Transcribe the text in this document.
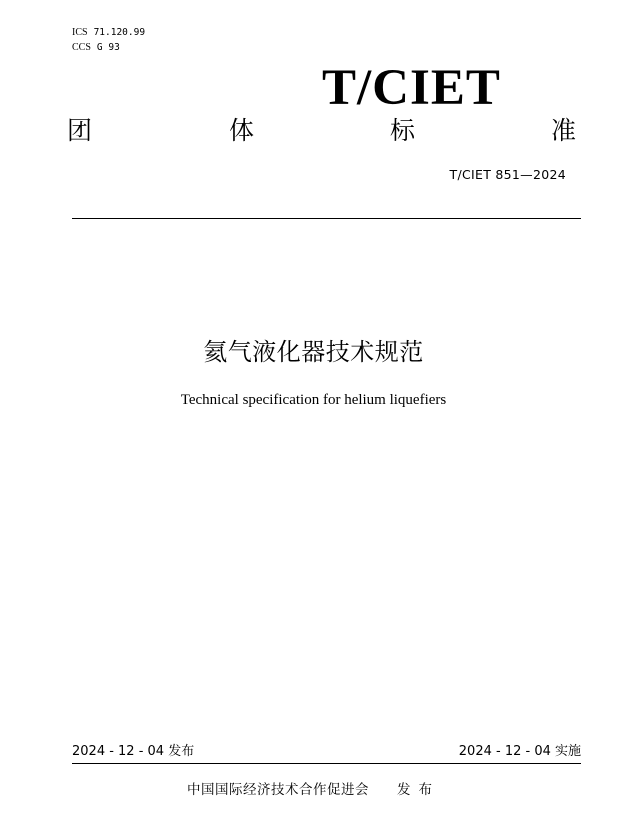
ICS 71.120.99
CCS G 93
T/CIET
团	体	标	准
T/CIET 851—2024
氦气液化器技术规范
Technical specification for helium liquefiers
2024 - 12 - 04 发布	2024 - 12 - 04 实施
中国国际经济技术合作促进会 发布
